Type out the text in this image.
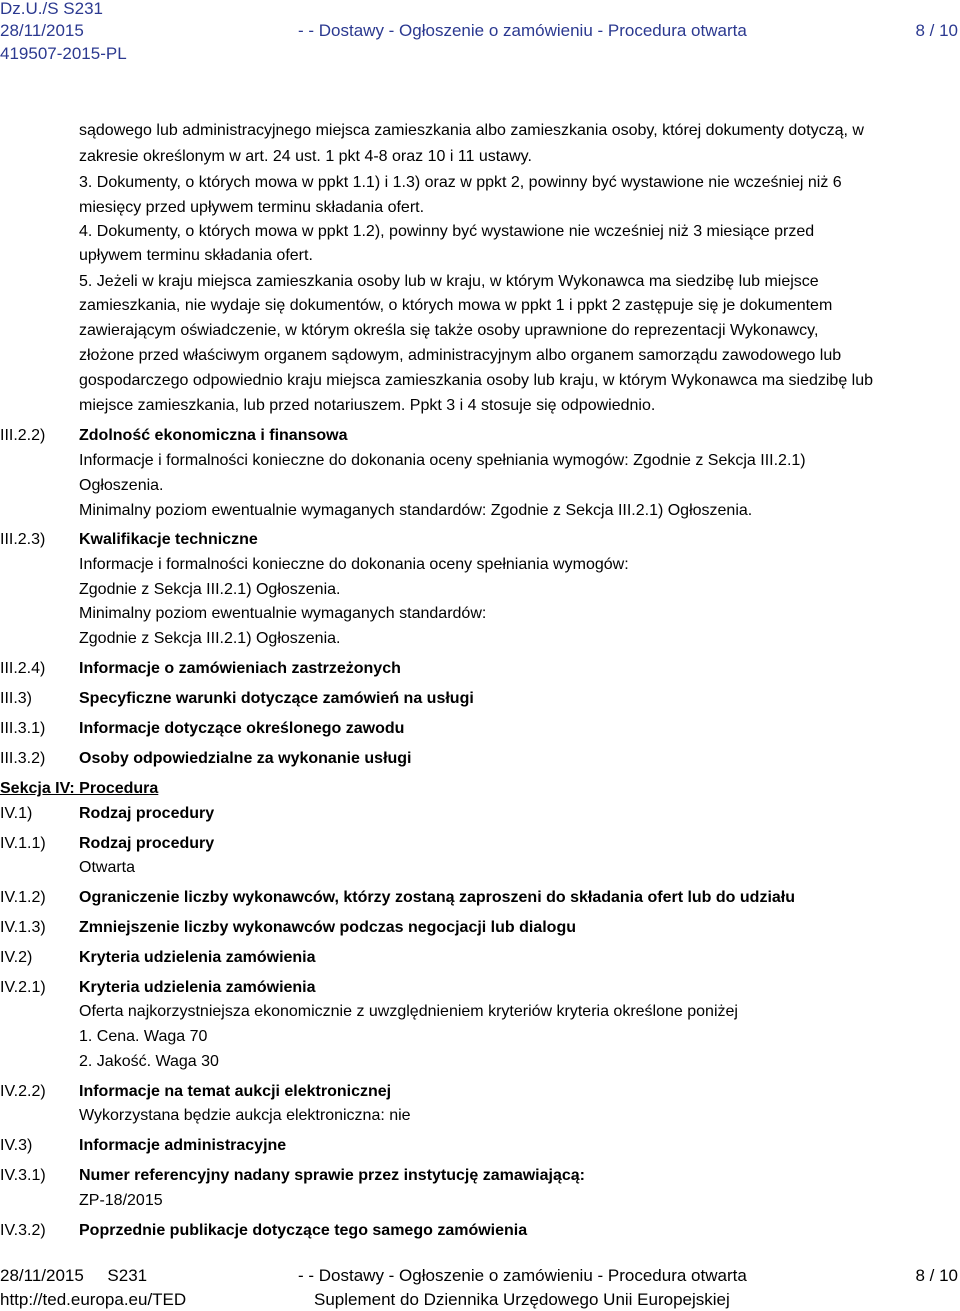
Dz.U./S S231
28/11/2015
419507-2015-PL
- - Dostawy - Ogłoszenie o zamówieniu - Procedura otwarta	8 / 10
sądowego lub administracyjnego miejsca zamieszkania albo zamieszkania osoby, której dokumenty dotyczą, w
zakresie określonym w art. 24 ust. 1 pkt 4-8 oraz 10 i 11 ustawy.
3. Dokumenty, o których mowa w ppkt 1.1) i 1.3) oraz w ppkt 2, powinny być wystawione nie wcześniej niż 6
miesięcy przed upływem terminu składania ofert.
4. Dokumenty, o których mowa w ppkt 1.2), powinny być wystawione nie wcześniej niż 3 miesiące przed
upływem terminu składania ofert.
5. Jeżeli w kraju miejsca zamieszkania osoby lub w kraju, w którym Wykonawca ma siedzibę lub miejsce
zamieszkania, nie wydaje się dokumentów, o których mowa w ppkt 1 i ppkt 2 zastępuje się je dokumentem
zawierającym oświadczenie, w którym określa się także osoby uprawnione do reprezentacji Wykonawcy,
złożone przed właściwym organem sądowym, administracyjnym albo organem samorządu zawodowego lub
gospodarczego odpowiednio kraju miejsca zamieszkania osoby lub kraju, w którym Wykonawca ma siedzibę lub
miejsce zamieszkania, lub przed notariuszem. Ppkt 3 i 4 stosuje się odpowiednio.
III.2.2) Zdolność ekonomiczna i finansowa
Informacje i formalności konieczne do dokonania oceny spełniania wymogów: Zgodnie z Sekcja III.2.1)
Ogłoszenia.
Minimalny poziom ewentualnie wymaganych standardów: Zgodnie z Sekcja III.2.1) Ogłoszenia.
III.2.3) Kwalifikacje techniczne
Informacje i formalności konieczne do dokonania oceny spełniania wymogów:
Zgodnie z Sekcja III.2.1) Ogłoszenia.
Minimalny poziom ewentualnie wymaganych standardów:
Zgodnie z Sekcja III.2.1) Ogłoszenia.
III.2.4) Informacje o zamówieniach zastrzeżonych
III.3)	Specyficzne warunki dotyczące zamówień na usługi
III.3.1) Informacje dotyczące określonego zawodu
III.3.2) Osoby odpowiedzialne za wykonanie usługi
Sekcja IV: Procedura
IV.1)	Rodzaj procedury
IV.1.1) Rodzaj procedury
Otwarta
IV.1.2) Ograniczenie liczby wykonawców, którzy zostaną zaproszeni do składania ofert lub do udziału
IV.1.3) Zmniejszenie liczby wykonawców podczas negocjacji lub dialogu
IV.2)	Kryteria udzielenia zamówienia
IV.2.1) Kryteria udzielenia zamówienia
Oferta najkorzystniejsza ekonomicznie z uwzględnieniem kryteriów kryteria określone poniżej
1. Cena. Waga 70
2. Jakość. Waga 30
IV.2.2) Informacje na temat aukcji elektronicznej
Wykorzystana będzie aukcja elektroniczna: nie
IV.3)	Informacje administracyjne
IV.3.1) Numer referencyjny nadany sprawie przez instytucję zamawiającą:
ZP-18/2015
IV.3.2) Poprzednie publikacje dotyczące tego samego zamówienia
28/11/2015     S231
http://ted.europa.eu/TED
- - Dostawy - Ogłoszenie o zamówieniu - Procedura otwarta
Suplement do Dziennika Urzędowego Unii Europejskiej
8 / 10
